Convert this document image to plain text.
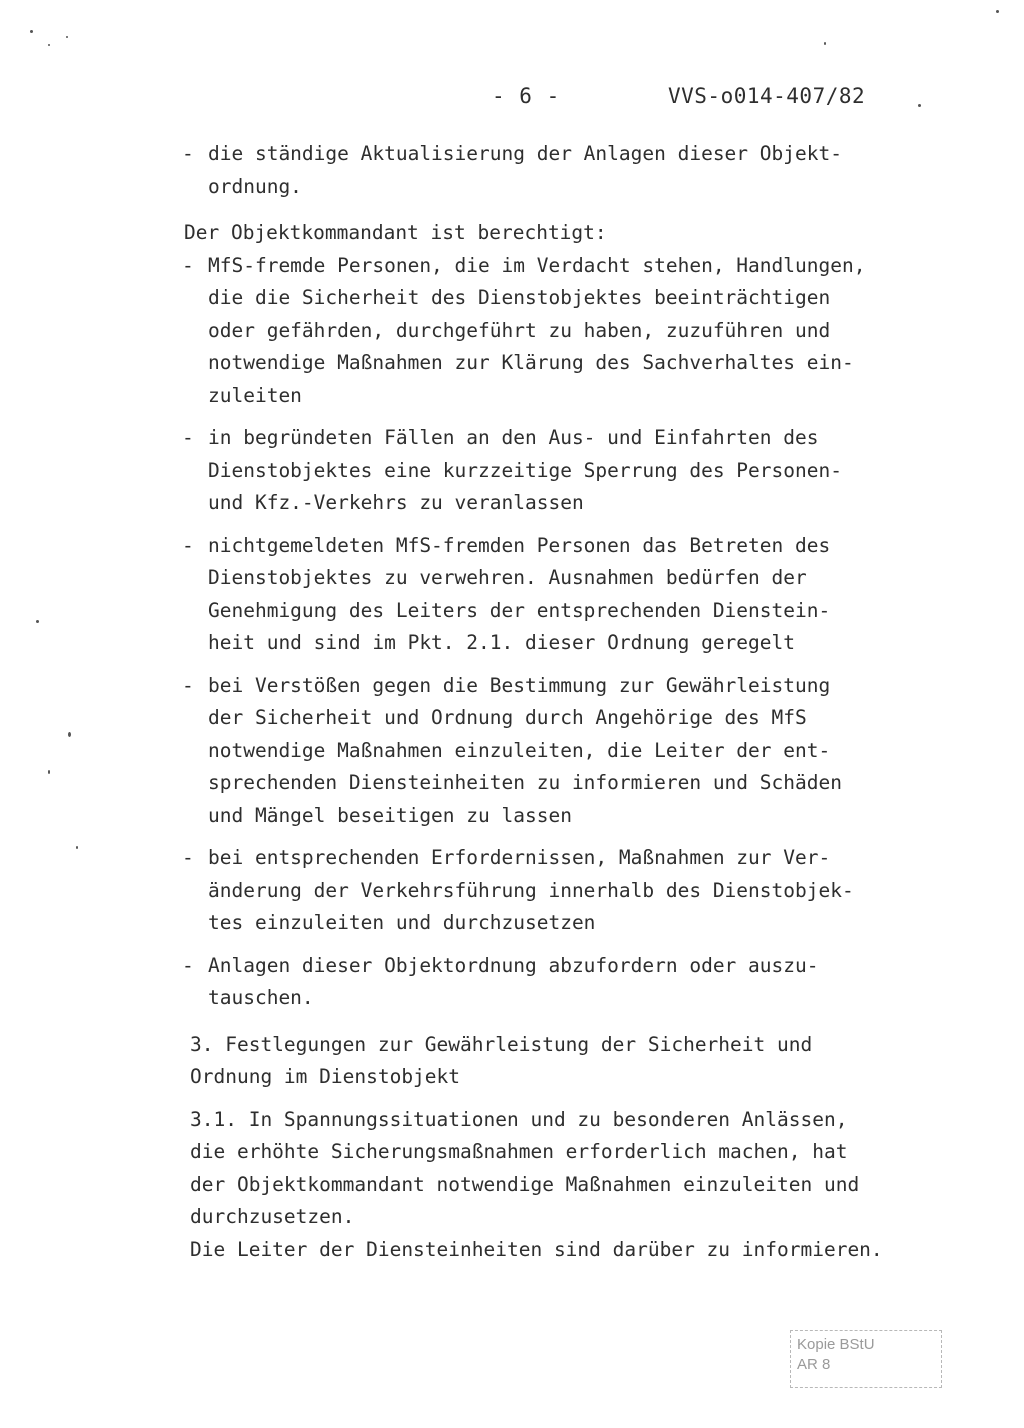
- 6 -	VVS-o014-407/82
- die ständige Aktualisierung der Anlagen dieser Objekt-
ordnung.
Der Objektkommandant ist berechtigt:
- MfS-fremde Personen, die im Verdacht stehen, Handlungen,
die die Sicherheit des Dienstobjektes beeinträchtigen
oder gefährden, durchgeführt zu haben, zuzuführen und
notwendige Maßnahmen zur Klärung des Sachverhaltes ein-
zuleiten
- in begründeten Fällen an den Aus- und Einfahrten des
Dienstobjektes eine kurzzeitige Sperrung des Personen-
und Kfz.-Verkehrs zu veranlassen
- nichtgemeldeten MfS-fremden Personen das Betreten des
Dienstobjektes zu verwehren. Ausnahmen bedürfen der
Genehmigung des Leiters der entsprechenden Dienstein-
heit und sind im Pkt. 2.1. dieser Ordnung geregelt
- bei Verstößen gegen die Bestimmung zur Gewährleistung
der Sicherheit und Ordnung durch Angehörige des MfS
notwendige Maßnahmen einzuleiten, die Leiter der ent-
sprechenden Diensteinheiten zu informieren und Schäden
und Mängel beseitigen zu lassen
- bei entsprechenden Erfordernissen, Maßnahmen zur Ver-
änderung der Verkehrsführung innerhalb des Dienstobjek-
tes einzuleiten und durchzusetzen
- Anlagen dieser Objektordnung abzufordern oder auszu-
tauschen.
3. Festlegungen zur Gewährleistung der Sicherheit und
Ordnung im Dienstobjekt
3.1. In Spannungssituationen und zu besonderen Anlässen,
die erhöhte Sicherungsmaßnahmen erforderlich machen, hat
der Objektkommandant notwendige Maßnahmen einzuleiten und
durchzusetzen.
Die Leiter der Diensteinheiten sind darüber zu informieren.
Kopie BStU
AR 8
